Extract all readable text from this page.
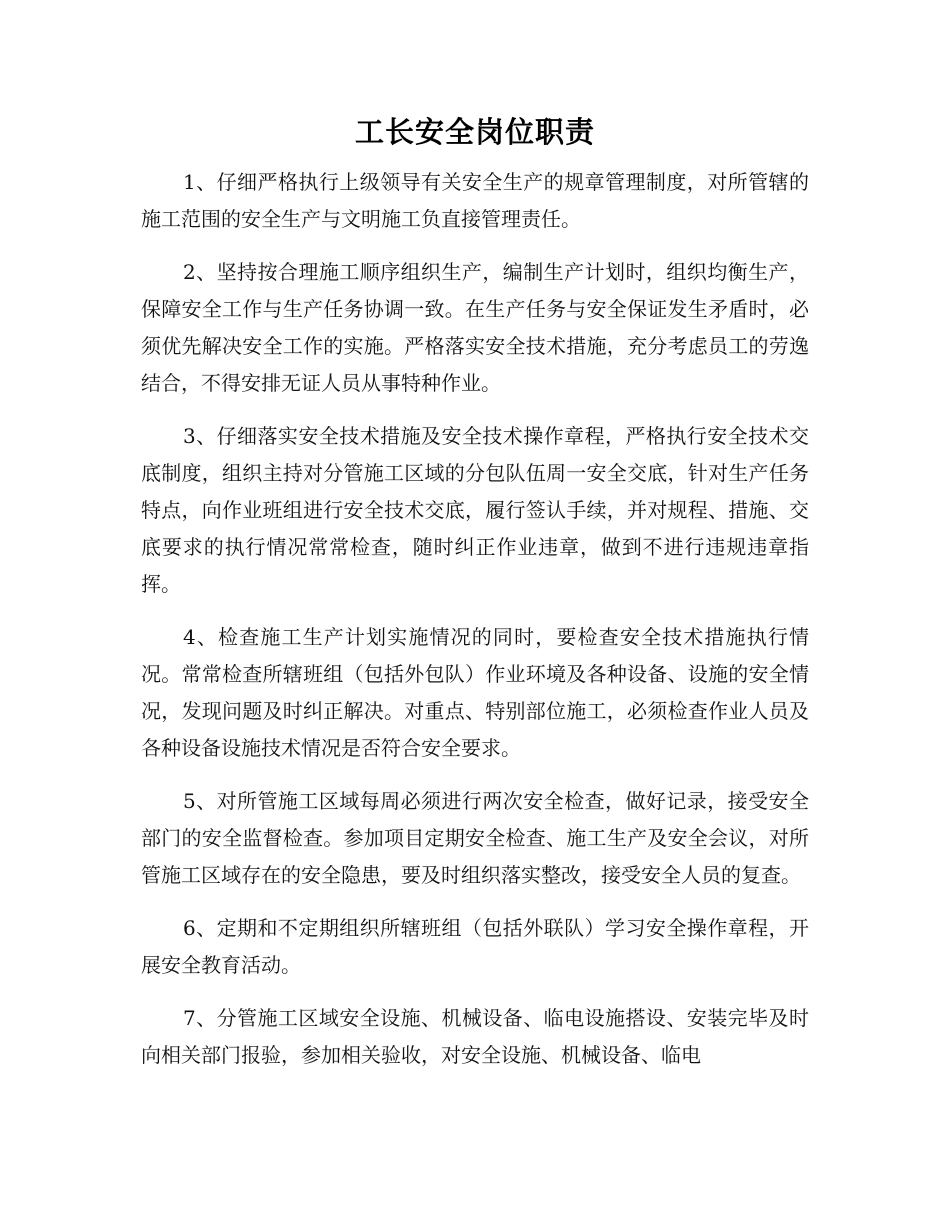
工长安全岗位职责

1、仔细严格执行上级领导有关安全生产的规章管理制度，对所管辖的施工范围的安全生产与文明施工负直接管理责任。

2、坚持按合理施工顺序组织生产，编制生产计划时，组织均衡生产，保障安全工作与生产任务协调一致。在生产任务与安全保证发生矛盾时，必须优先解决安全工作的实施。严格落实安全技术措施，充分考虑员工的劳逸结合，不得安排无证人员从事特种作业。

3、仔细落实安全技术措施及安全技术操作章程，严格执行安全技术交底制度，组织主持对分管施工区域的分包队伍周一安全交底，针对生产任务特点，向作业班组进行安全技术交底，履行签认手续，并对规程、措施、交底要求的执行情况常常检查，随时纠正作业违章，做到不进行违规违章指挥。

4、检查施工生产计划实施情况的同时，要检查安全技术措施执行情况。常常检查所辖班组（包括外包队）作业环境及各种设备、设施的安全情况，发现问题及时纠正解决。对重点、特别部位施工，必须检查作业人员及各种设备设施技术情况是否符合安全要求。

5、对所管施工区域每周必须进行两次安全检查，做好记录，接受安全部门的安全监督检查。参加项目定期安全检查、施工生产及安全会议，对所管施工区域存在的安全隐患，要及时组织落实整改，接受安全人员的复查。

6、定期和不定期组织所辖班组（包括外联队）学习安全操作章程，开展安全教育活动。

7、分管施工区域安全设施、机械设备、临电设施搭设、安装完毕及时向相关部门报验，参加相关验收，对安全设施、机械设备、临电
